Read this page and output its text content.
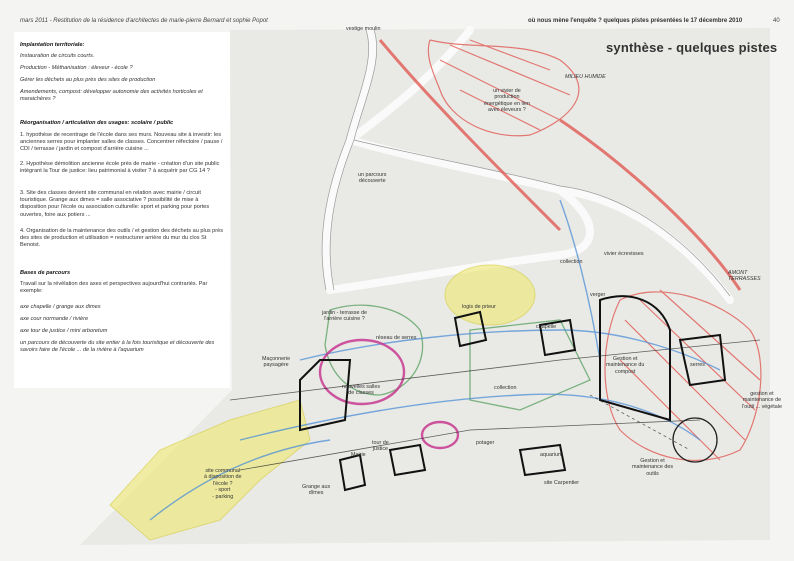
mars 2011 - Restitution de la résidence d'architectes de marie-pierre Bernard et sophie Popot	où nous mène l'enquête ? quelques pistes présentées le 17 décembre 2010	40
Implantation territoriale:
Instauration de circuits courts.
Production - Méthanisation : éleveur - école ?
Gérer les déchets au plus près des sites de production
Amendements, compost: développer autonomie des activités horticoles et maraichères ?
Réorganisation / articulation des usages: scolaire / public
1. hypothèse de recentrage de l'école dans ses murs. Nouveau site à investir: les anciennes serres pour implanter salles de classes. Concentrer réfectoire / pause / CDI / terrasse / jardin et compost d'arrière cuisine ...
2. Hypothèse démolition ancienne école près de mairie - création d'un site public intégrant la Tour de justice: lieu patrimonial à visiter ? à acquérir par CG 14 ?
3. Site des classes devient site communal en relation avec mairie / circuit touristique. Grange aux dimes = salle associative ? possibilité de mise à disposition pour l'école ou association culturelle: sport et parking pour portes ouvertes, foire aux potiers ...
4. Organisation de la maintenance des outils / et gestion des déchets au plus près des sites de production et utilisation = restructurer arrière du mur du clos St Benoist.
Bases de parcours
Travail sur la révélation des axes et perspectives aujourd'hui contrariés. Par exemple:
axe chapelle / grange aux dimes
axe cour normande / rivière
axe tour de justice / mini arboretum
un parcours de découverte du site entier à la fois touristique et découverte des savoirs faire de l'école ... de la rivière à l'aquarium
synthèse - quelques pistes
vestige moulin
MILIEU HUMIDE
un vivier de
production
énergétique en lien
avec éleveurs ?
un parcours
découverte
collection
vivier écrevisses
AMONT
TERRASSES
logis de prieur
verger
chapelle
jardin - terrasse de
l'arrière cuisine ?
réseau de serres
Maçonnerie
paysagère
nouvelles salles
de classes
collection
Gestion et
maintenance du
compost
serres
gestion et
maintenance de
l'outil ... végétale
tour de
justice
Mairie
potager
aquarium
site Carpentier
Gestion et
maintenance des
outils
site communal
à disposition de
l'école ?
- sport
- parking
Grange aux
dîmes
